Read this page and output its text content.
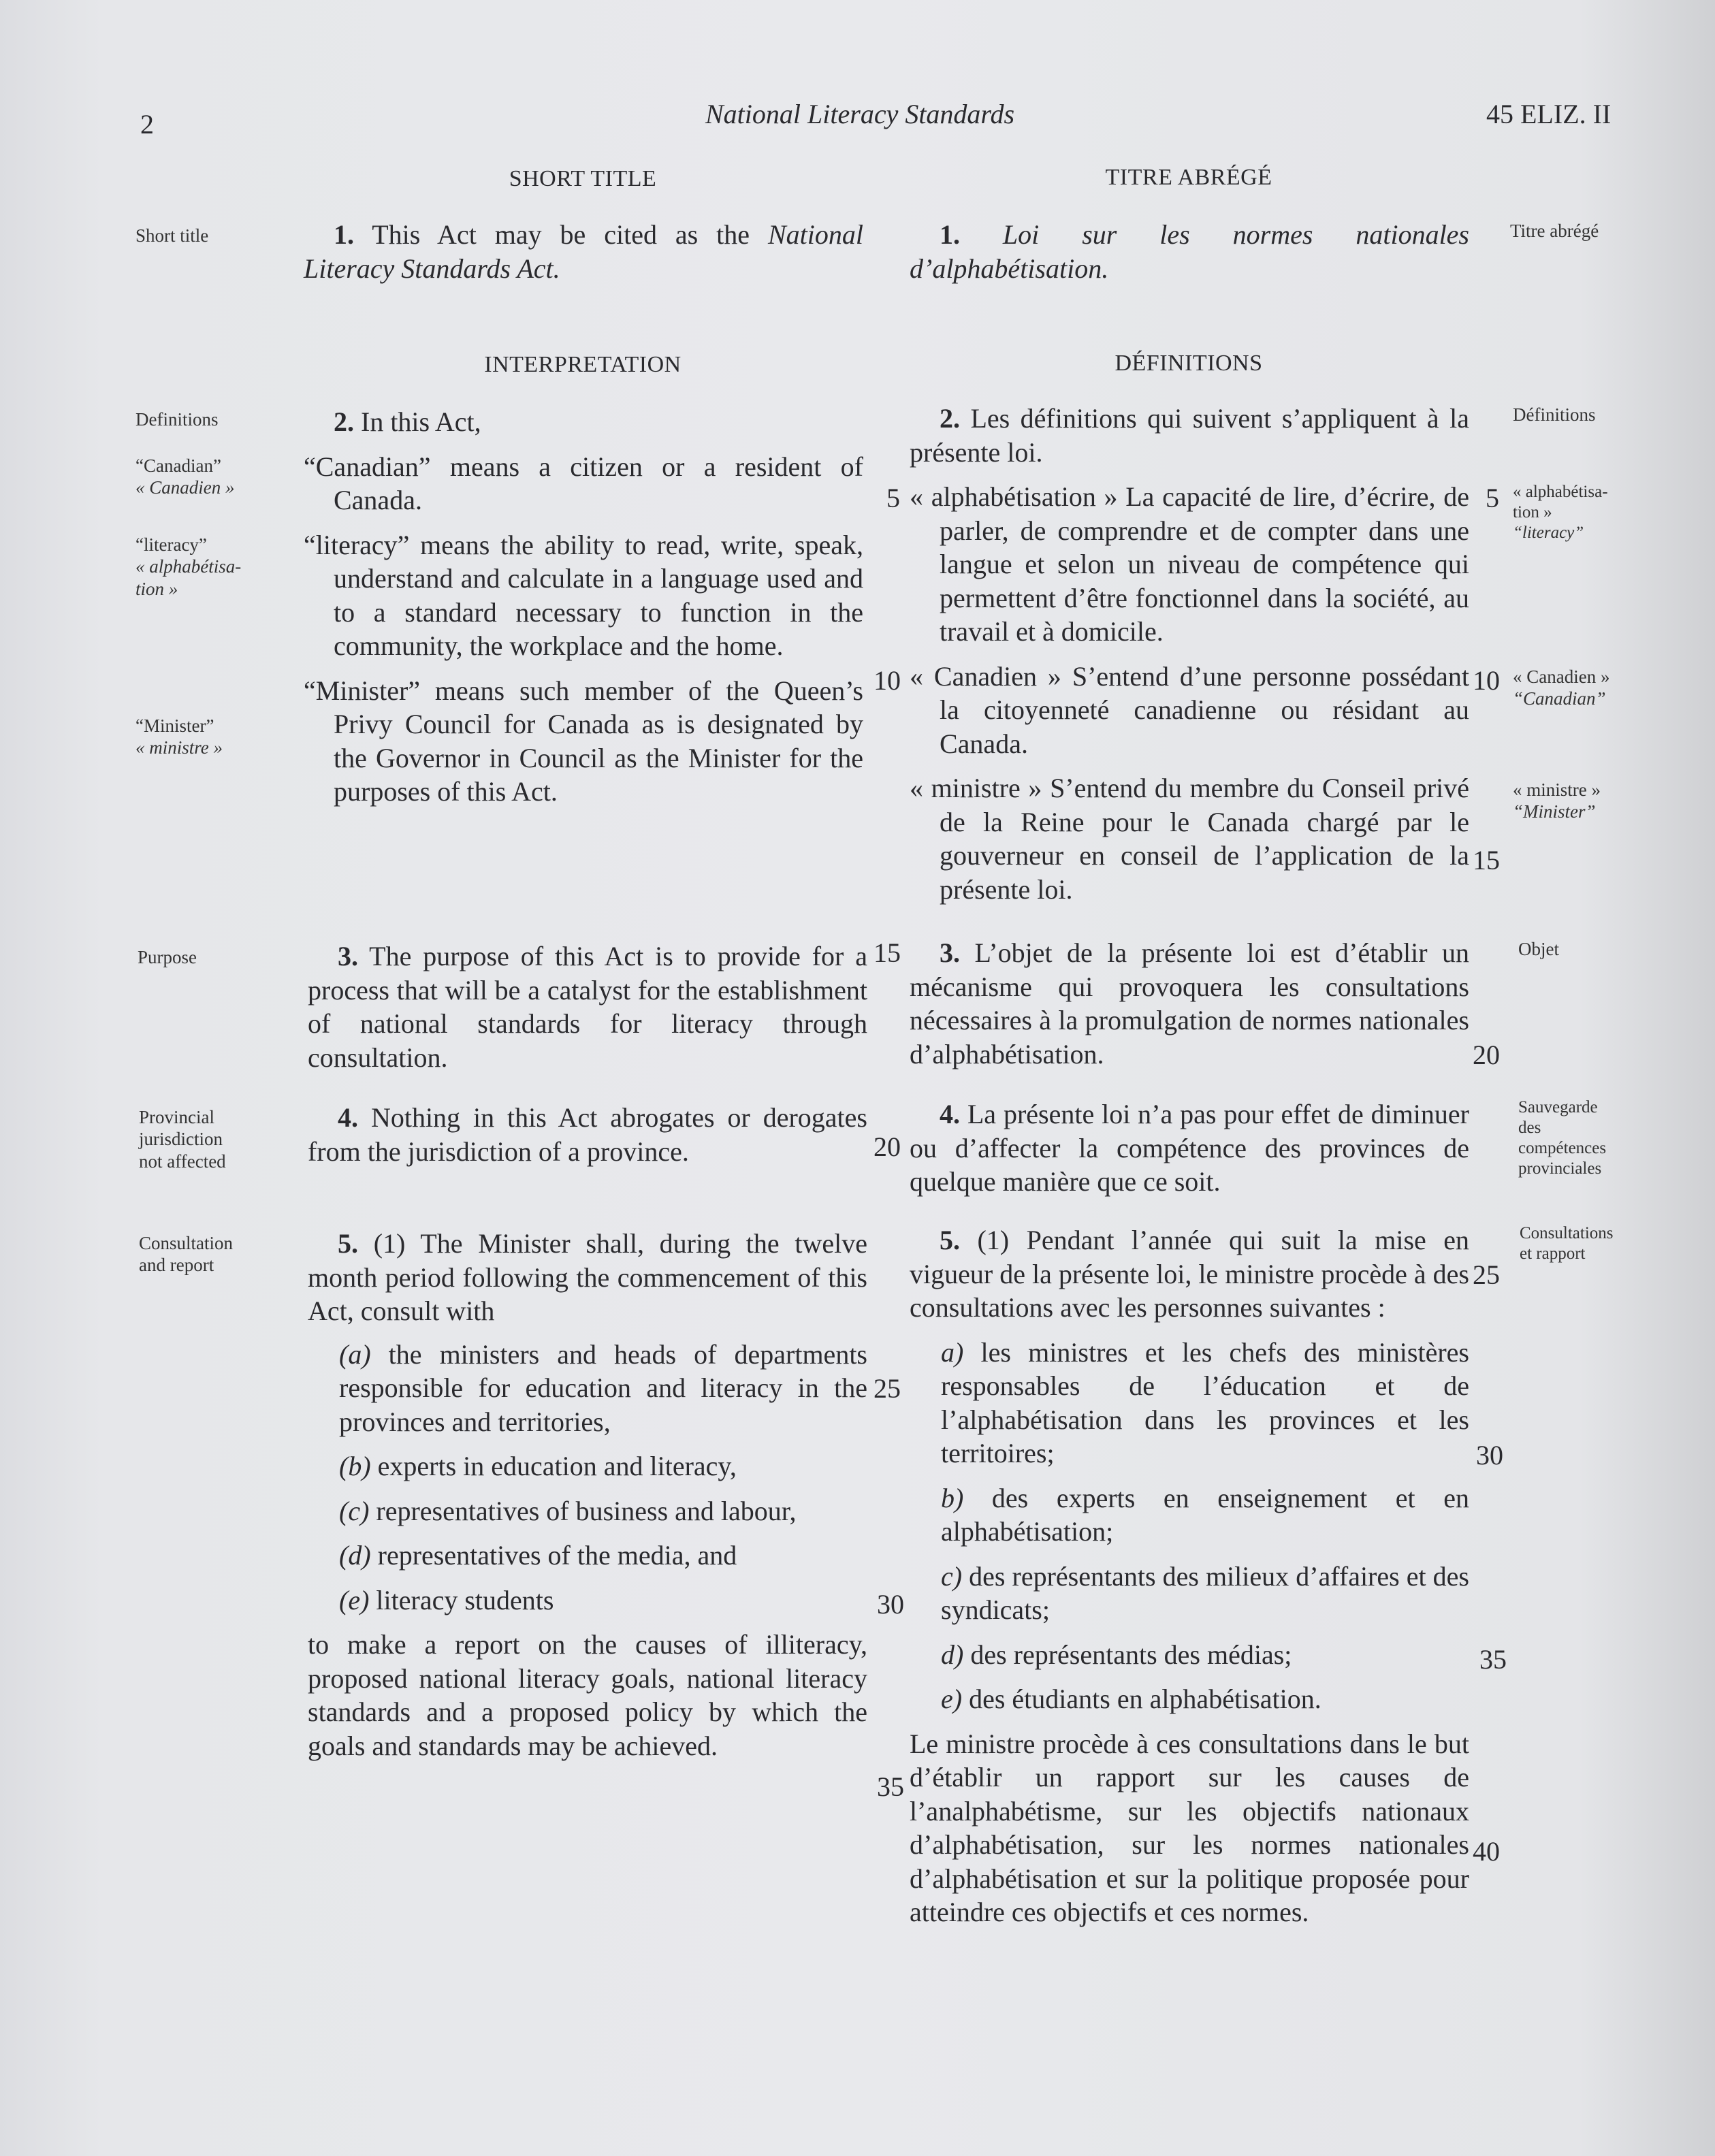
2	National Literacy Standards	45 ELIZ. II
SHORT TITLE	TITRE ABRÉGÉ
INTERPRETATION	DÉFINITIONS
Short title
Definitions
“Canadian”
« Canadien »
“literacy”
« alphabétisa-
tion »
“Minister”
« ministre »
Purpose
Provincial
jurisdiction
not affected
Consultation
and report
Titre abrégé
Définitions
« alphabétisa-
tion »
“literacy”
« Canadien »
“Canadian”
« ministre »
“Minister”
Objet
Sauvegarde
des
compétences
provinciales
Consultations
et rapport

1. This Act may be cited as the National Literacy Standards Act.

2. In this Act,

“Canadian” means a citizen or a resident of Canada.

“literacy” means the ability to read, write, speak, understand and calculate in a language used and to a standard necessary to function in the community, the workplace and the home.

“Minister” means such member of the Queen’s Privy Council for Canada as is designated by the Governor in Council as the Minister for the purposes of this Act.

3. The purpose of this Act is to provide for a process that will be a catalyst for the establishment of national standards for literacy through consultation.

4. Nothing in this Act abrogates or derogates from the jurisdiction of a province.

5. (1) The Minister shall, during the twelve month period following the commencement of this Act, consult with

(a) the ministers and heads of departments responsible for education and literacy in the provinces and territories,

(b) experts in education and literacy,

(c) representatives of business and labour,

(d) representatives of the media, and

(e) literacy students

to make a report on the causes of illiteracy, proposed national literacy goals, national literacy standards and a proposed policy by which the goals and standards may be achieved.

1. Loi sur les normes nationales d’alphabétisation.

2. Les définitions qui suivent s’appliquent à la présente loi.

« alphabétisation » La capacité de lire, d’écrire, de parler, de comprendre et de compter dans une langue et selon un niveau de compétence qui permettent d’être fonctionnel dans la société, au travail et à domicile.

« Canadien » S’entend d’une personne possédant la citoyenneté canadienne ou résidant au Canada.

« ministre » S’entend du membre du Conseil privé de la Reine pour le Canada chargé par le gouverneur en conseil de l’application de la présente loi.

3. L’objet de la présente loi est d’établir un mécanisme qui provoquera les consultations nécessaires à la promulgation de normes nationales d’alphabétisation.

4. La présente loi n’a pas pour effet de diminuer ou d’affecter la compétence des provinces de quelque manière que ce soit.

5. (1) Pendant l’année qui suit la mise en vigueur de la présente loi, le ministre procède à des consultations avec les personnes suivantes :

a) les ministres et les chefs des ministères responsables de l’éducation et de l’alphabétisation dans les provinces et les territoires;

b) des experts en enseignement et en alphabétisation;

c) des représentants des milieux d’affaires et des syndicats;

d) des représentants des médias;

e) des étudiants en alphabétisation.

Le ministre procède à ces consultations dans le but d’établir un rapport sur les causes de l’analphabétisme, sur les objectifs nationaux d’alphabétisation, sur les normes nationales d’alphabétisation et sur la politique proposée pour atteindre ces objectifs et ces normes.

5
10
15
20
25
30
35
5
10
15
20
25
30
35
40
